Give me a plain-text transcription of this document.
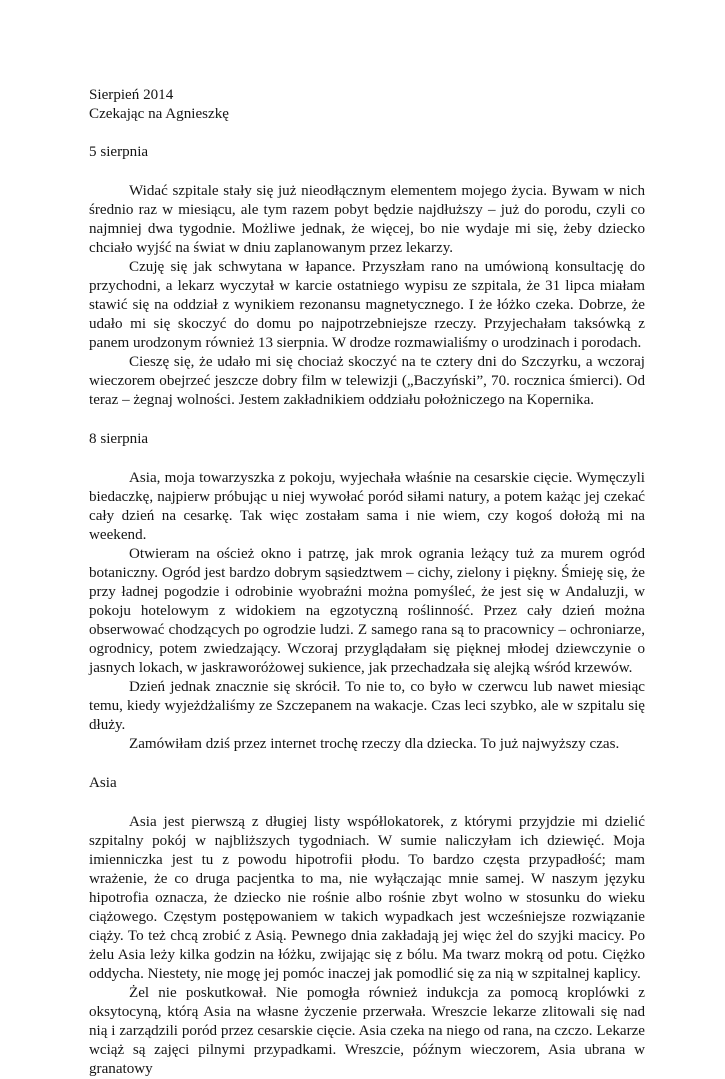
Sierpień 2014

Czekając na Agnieszkę

5 sierpnia

Widać szpitale stały się już nieodłącznym elementem mojego życia. Bywam w nich średnio raz w miesiącu, ale tym razem pobyt będzie najdłuższy – już do porodu, czyli co najmniej dwa tygodnie. Możliwe jednak, że więcej, bo nie wydaje mi się, żeby dziecko chciało wyjść na świat w dniu zaplanowanym przez lekarzy.

Czuję się jak schwytana w łapance. Przyszłam rano na umówioną konsultację do przychodni, a lekarz wyczytał w karcie ostatniego wypisu ze szpitala, że 31 lipca miałam stawić się na oddział z wynikiem rezonansu magnetycznego. I że łóżko czeka. Dobrze, że udało mi się skoczyć do domu po najpotrzebniejsze rzeczy. Przyjechałam taksówką z panem urodzonym również 13 sierpnia. W drodze rozmawialiśmy o urodzinach i porodach.

Cieszę się, że udało mi się chociaż skoczyć na te cztery dni do Szczyrku, a wczoraj wieczorem obejrzeć jeszcze dobry film w telewizji („Baczyński”, 70. rocznica śmierci). Od teraz – żegnaj wolności. Jestem zakładnikiem oddziału położniczego na Kopernika.

8 sierpnia

Asia, moja towarzyszka z pokoju, wyjechała właśnie na cesarskie cięcie. Wymęczyli biedaczkę, najpierw próbując u niej wywołać poród siłami natury, a potem każąc jej czekać cały dzień na cesarkę. Tak więc zostałam sama i nie wiem, czy kogoś dołożą mi na weekend.

Otwieram na oścież okno i patrzę, jak mrok ogrania leżący tuż za murem ogród botaniczny. Ogród jest bardzo dobrym sąsiedztwem – cichy, zielony i piękny. Śmieję się, że przy ładnej pogodzie i odrobinie wyobraźni można pomyśleć, że jest się w Andaluzji, w pokoju hotelowym z widokiem na egzotyczną roślinność. Przez cały dzień można obserwować chodzących po ogrodzie ludzi. Z samego rana są to pracownicy – ochroniarze, ogrodnicy, potem zwiedzający. Wczoraj przyglądałam się pięknej młodej dziewczynie o jasnych lokach, w jaskraworóżowej sukience, jak przechadzała się alejką wśród krzewów.

Dzień jednak znacznie się skrócił. To nie to, co było w czerwcu lub nawet miesiąc temu, kiedy wyjeżdżaliśmy ze Szczepanem na wakacje. Czas leci szybko, ale w szpitalu się dłuży.

Zamówiłam dziś przez internet trochę rzeczy dla dziecka. To już najwyższy czas.

Asia

Asia jest pierwszą z długiej listy współlokatorek, z którymi przyjdzie mi dzielić szpitalny pokój w najbliższych tygodniach. W sumie naliczyłam ich dziewięć. Moja imienniczka jest tu z powodu hipotrofii płodu. To bardzo częsta przypadłość; mam wrażenie, że co druga pacjentka to ma, nie wyłączając mnie samej. W naszym języku hipotrofia oznacza, że dziecko nie rośnie albo rośnie zbyt wolno w stosunku do wieku ciążowego. Częstym postępowaniem w takich wypadkach jest wcześniejsze rozwiązanie ciąży. To też chcą zrobić z Asią. Pewnego dnia zakładają jej więc żel do szyjki macicy. Po żelu Asia leży kilka godzin na łóżku, zwijając się z bólu. Ma twarz mokrą od potu. Ciężko oddycha. Niestety, nie mogę jej pomóc inaczej jak pomodlić się za nią w szpitalnej kaplicy.

Żel nie poskutkował. Nie pomogła również indukcja za pomocą kroplówki z oksytocyną, którą Asia na własne życzenie przerwała. Wreszcie lekarze zlitowali się nad nią i zarządzili poród przez cesarskie cięcie. Asia czeka na niego od rana, na czczo. Lekarze wciąż są zajęci pilnymi przypadkami. Wreszcie, późnym wieczorem, Asia ubrana w granatowy
